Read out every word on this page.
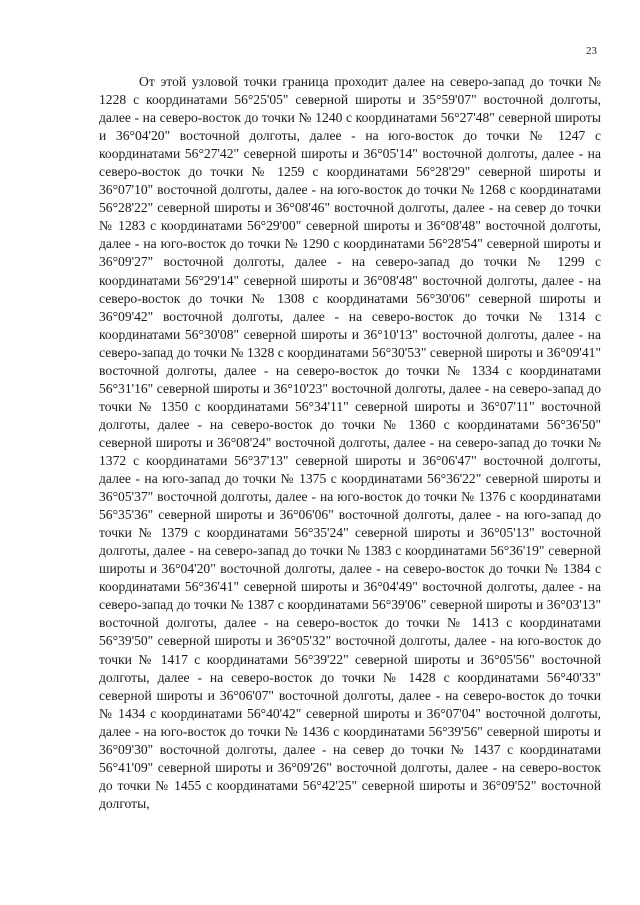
23

От этой узловой точки граница проходит далее на северо-запад до точки № 1228 с координатами 56°25'05" северной широты и 35°59'07" восточной долготы, далее - на северо-восток до точки № 1240 с координатами 56°27'48" северной широты и 36°04'20" восточной долготы, далее - на юго-восток до точки № 1247 с координатами 56°27'42" северной широты и 36°05'14" восточной долготы, далее - на северо-восток до точки № 1259 с координатами 56°28'29" северной широты и 36°07'10" восточной долготы, далее - на юго-восток до точки № 1268 с координатами 56°28'22" северной широты и 36°08'46" восточной долготы, далее - на север до точки № 1283 с координатами 56°29'00" северной широты и 36°08'48" восточной долготы, далее - на юго-восток до точки № 1290 с координатами 56°28'54" северной широты и 36°09'27" восточной долготы, далее - на северо-запад до точки № 1299 с координатами 56°29'14" северной широты и 36°08'48" восточной долготы, далее - на северо-восток до точки № 1308 с координатами 56°30'06" северной широты и 36°09'42" восточной долготы, далее - на северо-восток до точки № 1314 с координатами 56°30'08" северной широты и 36°10'13" восточной долготы, далее - на северо-запад до точки № 1328 с координатами 56°30'53" северной широты и 36°09'41" восточной долготы, далее - на северо-восток до точки № 1334 с координатами 56°31'16" северной широты и 36°10'23" восточной долготы, далее - на северо-запад до точки № 1350 с координатами 56°34'11" северной широты и 36°07'11" восточной долготы, далее - на северо-восток до точки № 1360 с координатами 56°36'50" северной широты и 36°08'24" восточной долготы, далее - на северо-запад до точки № 1372 с координатами 56°37'13" северной широты и 36°06'47" восточной долготы, далее - на юго-запад до точки № 1375 с координатами 56°36'22" северной широты и 36°05'37" восточной долготы, далее - на юго-восток до точки № 1376 с координатами 56°35'36" северной широты и 36°06'06" восточной долготы, далее - на юго-запад до точки № 1379 с координатами 56°35'24" северной широты и 36°05'13" восточной долготы, далее - на северо-запад до точки № 1383 с координатами 56°36'19" северной широты и 36°04'20" восточной долготы, далее - на северо-восток до точки № 1384 с координатами 56°36'41" северной широты и 36°04'49" восточной долготы, далее - на северо-запад до точки № 1387 с координатами 56°39'06" северной широты и 36°03'13" восточной долготы, далее - на северо-восток до точки № 1413 с координатами 56°39'50" северной широты и 36°05'32" восточной долготы, далее - на юго-восток до точки № 1417 с координатами 56°39'22" северной широты и 36°05'56" восточной долготы, далее - на северо-восток до точки № 1428 с координатами 56°40'33" северной широты и 36°06'07" восточной долготы, далее - на северо-восток до точки № 1434 с координатами 56°40'42" северной широты и 36°07'04" восточной долготы, далее - на юго-восток до точки № 1436 с координатами 56°39'56" северной широты и 36°09'30" восточной долготы, далее - на север до точки № 1437 с координатами 56°41'09" северной широты и 36°09'26" восточной долготы, далее - на северо-восток до точки № 1455 с координатами 56°42'25" северной широты и 36°09'52" восточной долготы,
